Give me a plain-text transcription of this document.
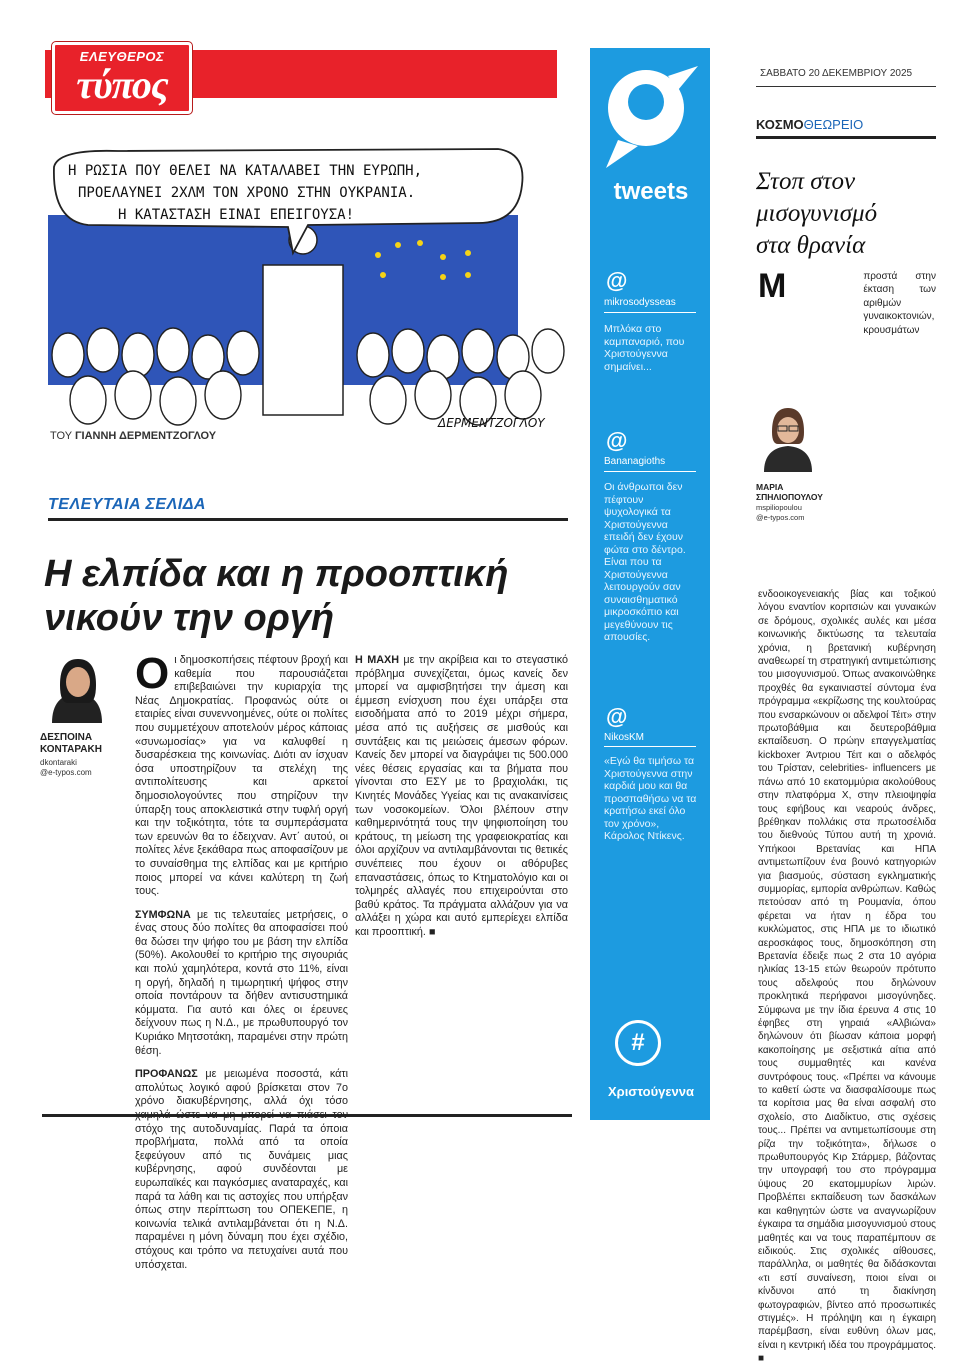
ΕΛΕΥΘΕΡΟΣ
τύπος
Η ΡΩΣΙΑ ΠΟΥ ΘΕΛΕΙ ΝΑ ΚΑΤΑΛΑΒΕΙ ΤΗΝ ΕΥΡΩΠΗ,
ΠΡΟΕΛΑΥΝΕΙ 2ΧΛΜ ΤΟΝ ΧΡΟΝΟ ΣΤΗΝ ΟΥΚΡΑΝΙΑ.
Η ΚΑΤΑΣΤΑΣΗ ΕΙΝΑΙ ΕΠΕΙΓΟΥΣΑ!
ΔΕΡΜΕΝΤΖΟΓΛΟΥ
ΤΟΥ ΓΙΑΝΝΗ ΔΕΡΜΕΝΤΖΟΓΛΟΥ
ΤΕΛΕΥΤΑΙΑ ΣΕΛΙΔΑ
Η ελπίδα και η προοπτική
νικούν την οργή
ΔΕΣΠΟΙΝΑ ΚΟΝΤΑΡΑΚΗ
dkontaraki
@e-typos.com

Οι δημοσκοπήσεις πέφτουν βροχή και καθεμία που παρουσιάζεται επιβεβαιώνει την κυριαρχία της Νέας Δημοκρατίας. Προφανώς ούτε οι εταιρίες είναι συνεννοημένες, ούτε οι πολίτες που συμμετέχουν αποτελούν μέρος κάποιας «συνωμοσίας» για να καλυφθεί η δυσαρέσκεια της κοινωνίας. Διότι αν ίσχυαν όσα υποστηρίζουν τα στελέχη της αντιπολίτευσης και αρκετοί δημοσιολογούντες που στηρίζουν την ύπαρξη τους αποκλειστικά στην τυφλή οργή και την τοξικότητα, τότε τα συμπεράσματα των ερευνών θα το έδειχναν. Αντ΄ αυτού, οι πολίτες λένε ξεκάθαρα πως αποφασίζουν με το συναίσθημα της ελπίδας και με κριτήριο ποιος μπορεί να κάνει καλύτερη τη ζωή τους.

ΣΥΜΦΩΝΑ με τις τελευταίες μετρήσεις, ο ένας στους δύο πολίτες θα αποφασίσει πού θα δώσει την ψήφο του με βάση την ελπίδα (50%). Ακολουθεί το κριτήριο της σιγουριάς και πολύ χαμηλότερα, κοντά στο 11%, είναι η οργή, δηλαδή η τιμωρητική ψήφος στην οποία ποντάρουν τα δήθεν αντισυστημικά κόμματα. Για αυτό και όλες οι έρευνες δείχνουν πως η Ν.Δ., με πρωθυπουργό τον Κυριάκο Μητσοτάκη, παραμένει στην πρώτη θέση.

ΠΡΟΦΑΝΩΣ με μειωμένα ποσοστά, κάτι απολύτως λογικό αφού βρίσκεται στον 7ο χρόνο διακυβέρνησης, αλλά όχι τόσο στόχο της αυτοδυναμίας. Παρά τα όποια προβλήματα, πολλά από τα οποία ξεφεύγουν από τις δυνάμεις μιας κυβέρνησης, αφού συνδέονται με ευρωπαϊκές και παγκόσμιες αναταραχές, και παρά τα λάθη και τις αστοχίες που υπήρξαν όπως στην περίπτωση του ΟΠΕΚΕΠΕ, η κοινωνία τελικά αντιλαμβάνεται ότι η Ν.Δ. παραμένει η μόνη δύναμη που έχει σχέδιο, στόχους και τρόπο να πετυχαίνει αυτά που υπόσχεται.

Η ΜΑΧΗ με την ακρίβεια και το στεγαστικό πρόβλημα συνεχίζεται, όμως κανείς δεν μπορεί να αμφισβητήσει την άμεση και έμμεση ενίσχυση που έχει υπάρξει στα εισοδήματα από το 2019 μέχρι σήμερα, μέσα από τις αυξήσεις σε μισθούς και συντάξεις και τις μειώσεις άμεσων φόρων. Κανείς δεν μπορεί να διαγράψει τις 500.000 νέες θέσεις εργασίας και τα βήματα που γίνονται στο ΕΣΥ με το βραχιολάκι, τις Κινητές Μονάδες Υγείας και τις ανακαινίσεις των νοσοκομείων. Όλοι βλέπουν στην καθημερινότητά τους την ψηφιοποίηση του κράτους, τη μείωση της γραφειοκρατίας και όλοι αρχίζουν να αντιλαμβάνονται τις θετικές συνέπειες που έχουν οι αθόρυβες επαναστάσεις, όπως το Κτηματολόγιο και οι τολμηρές αλλαγές που επιχειρούνται στο βαθύ κράτος. Τα πράγματα αλλάζουν για να αλλάξει η χώρα και αυτό εμπερίεχει ελπίδα και προοπτική. ■

tweets
@
mikrosodysseas
Μπλόκα στο καμπαναριό, που Χριστούγεννα σημαίνει...
@
Bananagioths
Οι άνθρωποι δεν πέφτουν ψυχολογικά τα Χριστούγεννα επειδή δεν έχουν φώτα στο δέντρο. Είναι που τα Χριστούγεννα λειτουργούν σαν συναισθηματικό μικροσκόπιο και μεγεθύνουν τις απουσίες.
@
NikosKM
«Εγώ θα τιμήσω τα Χριστούγεννα στην καρδιά μου και θα προσπαθήσω να τα κρατήσω εκεί όλο τον χρόνο», Κάρολος Ντίκενς.
#
Χριστούγεννα
ΣΑΒΒΑΤΟ 20 ΔΕΚΕΜΒΡΙΟΥ 2025
ΚΟΣΜΟΘΕΩΡΕΙΟ
Στοπ στον
μισογυνισμό
στα θρανία

Μ	προστά στην έκταση των αριθμών γυναικοκτονιών, κρουσμάτων ενδοοικογενειακής βίας και τοξικού λόγου εναντίον κοριτσιών και γυναικών σε δρόμους, σχολικές αυλές και μέσα κοινωνικής δικτύωσης τα τελευταία χρόνια, η βρετανική κυβέρνηση αναθεωρεί τη στρατηγική αντιμετώπισης του μισογυνισμού. Όπως ανακοινώθηκε προχθές θα εγκαινιαστεί σύντομα ένα πρόγραμμα «εκρίζωσης της κουλτούρας που ενσαρκώνουν οι αδελφοί Τέιτ» στην πρωτοβάθμια και δευτεροβάθμια εκπαίδευση. Ο πρώην επαγγελματίας kickboxer Άντριου Τέιτ και ο αδελφός του Τρίσταν, celebrities- influencers με πάνω από 10 εκατομμύρια ακολούθους στην πλατφόρμα Χ, στην πλειοψηφία τους εφήβους και νεαρούς άνδρες, βρέθηκαν πολλάκις στα πρωτοσέλιδα του διεθνούς Τύπου αυτή τη χρονιά. Υπήκοοι Βρετανίας και ΗΠΑ αντιμετωπίζουν ένα βουνό κατηγοριών για βιασμούς, σύσταση εγκληματικής συμμορίας, εμπορία ανθρώπων. Καθώς πετούσαν από τη Ρουμανία, όπου φέρεται να ήταν η έδρα του κυκλώματος, στις ΗΠΑ με το ιδιωτικό αεροσκάφος τους, δημοσκόπηση στη Βρετανία έδειξε πως 2 στα 10 αγόρια ηλικίας 13-15 ετών θεωρούν πρότυπο τους αδελφούς που δηλώνουν προκλητικά περήφανοι μισογύνηδες. Σύμφωνα με την ίδια έρευνα 4 στις 10 έφηβες στη γηραιά «Αλβιώνα» δηλώνουν ότι βίωσαν κάποια μορφή κακοποίησης με σεξιστικά αίτια από τους συμμαθητές και κανένα συντρόφους τους. «Πρέπει να κάνουμε το καθετί ώστε να διασφαλίσουμε πως τα κορίτσια μας θα είναι ασφαλή στο σχολείο, στο Διαδίκτυο, στις σχέσεις τους... Πρέπει να αντιμετωπίσουμε στη ρίζα την τοξικότητα», δήλωσε ο πρωθυπουργός Κιρ Στάρμερ, βάζοντας την υπογραφή του στο πρόγραμμα ύψους 20 εκατομμυρίων λιρών. Προβλέπει εκπαίδευση των δασκάλων και καθηγητών ώστε να αναγνωρίζουν έγκαιρα τα σημάδια μισογυνισμού στους μαθητές και να τους παραπέμπουν σε ειδικούς. Στις σχολικές αίθουσες, παράλληλα, οι μαθητές θα διδάσκονται «τι εστί συναίνεση, ποιοι είναι οι κίνδυνοι από τη διακίνηση φωτογραφιών, βίντεο από προσωπικές στιγμές». Η πρόληψη και η έγκαιρη παρέμβαση, είναι ευθύνη όλων μας, είναι η κεντρική ιδέα του προγράμματος. ■

ΜΑΡΙΑ ΣΠΗΛΙΟΠΟΥΛΟΥ
mspiliopoulou
@e-typos.com
